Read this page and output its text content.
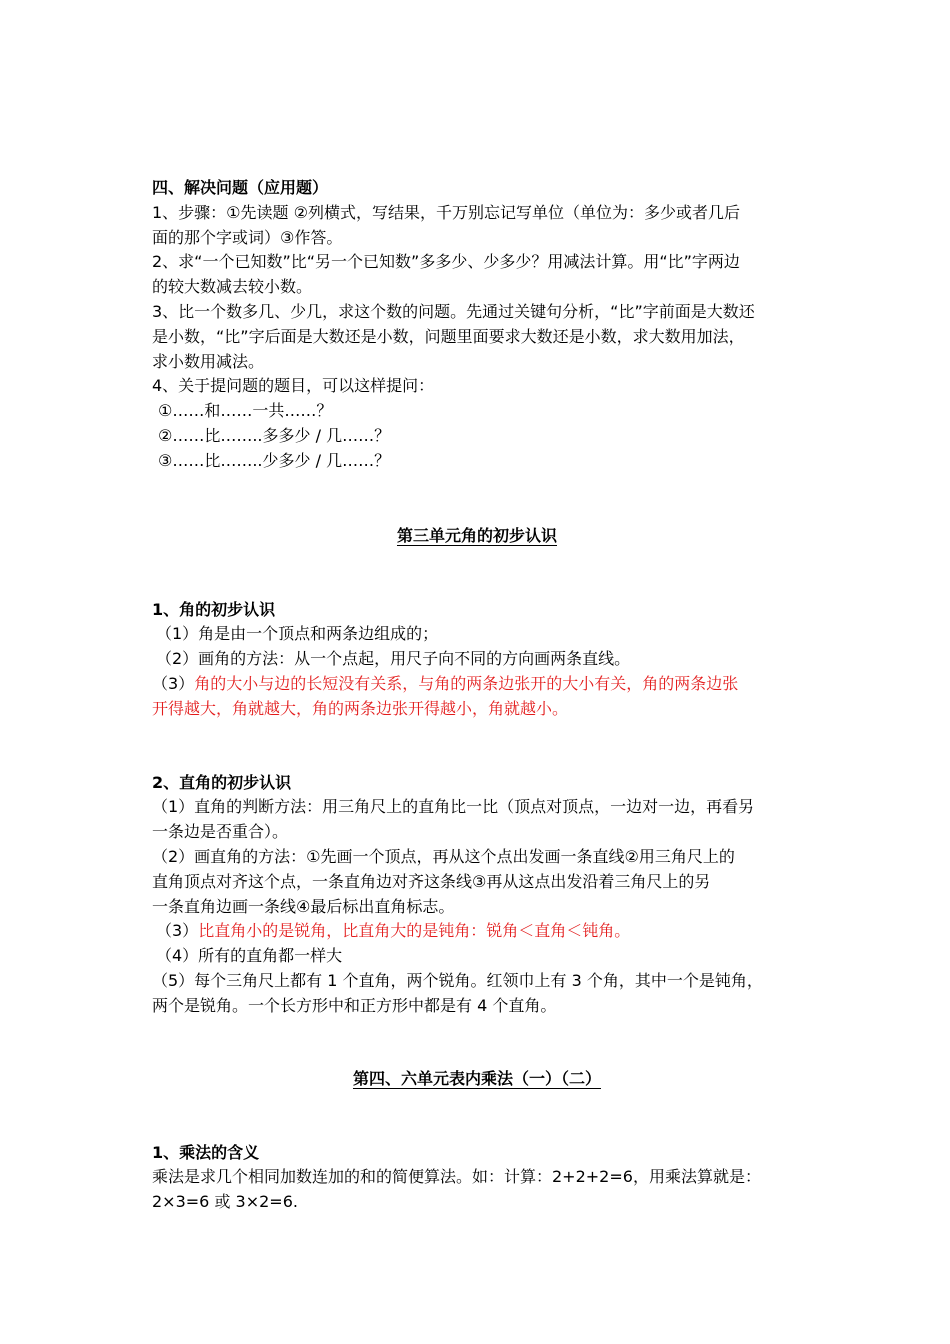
四、解决问题（应用题）
1、步骤：①先读题 ②列横式，写结果，千万别忘记写单位（单位为：多少或者几后
面的那个字或词）③作答。
2、求“一个已知数”比“另一个已知数”多多少、少多少？用减法计算。用“比”字两边
的较大数减去较小数。
3、比一个数多几、少几，求这个数的问题。先通过关键句分析，“比”字前面是大数还
是小数，“比”字后面是大数还是小数，问题里面要求大数还是小数，求大数用加法，
求小数用减法。
4、关于提问题的题目，可以这样提问：
①……和……一共……？
②……比……..多多少 / 几……？
③……比……..少多少 / 几……？
第三单元角的初步认识
1、角的初步认识
（1）角是由一个顶点和两条边组成的；
（2）画角的方法：从一个点起，用尺子向不同的方向画两条直线。
（3）角的大小与边的长短没有关系，与角的两条边张开的大小有关，角的两条边张
开得越大，角就越大，角的两条边张开得越小，角就越小。
2、直角的初步认识
（1）直角的判断方法：用三角尺上的直角比一比（顶点对顶点，一边对一边，再看另
一条边是否重合）。
（2）画直角的方法：①先画一个顶点，再从这个点出发画一条直线②用三角尺上的
直角顶点对齐这个点，一条直角边对齐这条线③再从这点出发沿着三角尺上的另
一条直角边画一条线④最后标出直角标志。
（3）比直角小的是锐角，比直角大的是钝角：锐角＜直角＜钝角。
（4）所有的直角都一样大
（5）每个三角尺上都有 1 个直角，两个锐角。红领巾上有 3 个角，其中一个是钝角，
两个是锐角。一个长方形中和正方形中都是有 4 个直角。
第四、六单元表内乘法（一）（二）
1、乘法的含义
乘法是求几个相同加数连加的和的简便算法。如：计算：2+2+2=6，用乘法算就是：
2×3=6 或 3×2=6.
